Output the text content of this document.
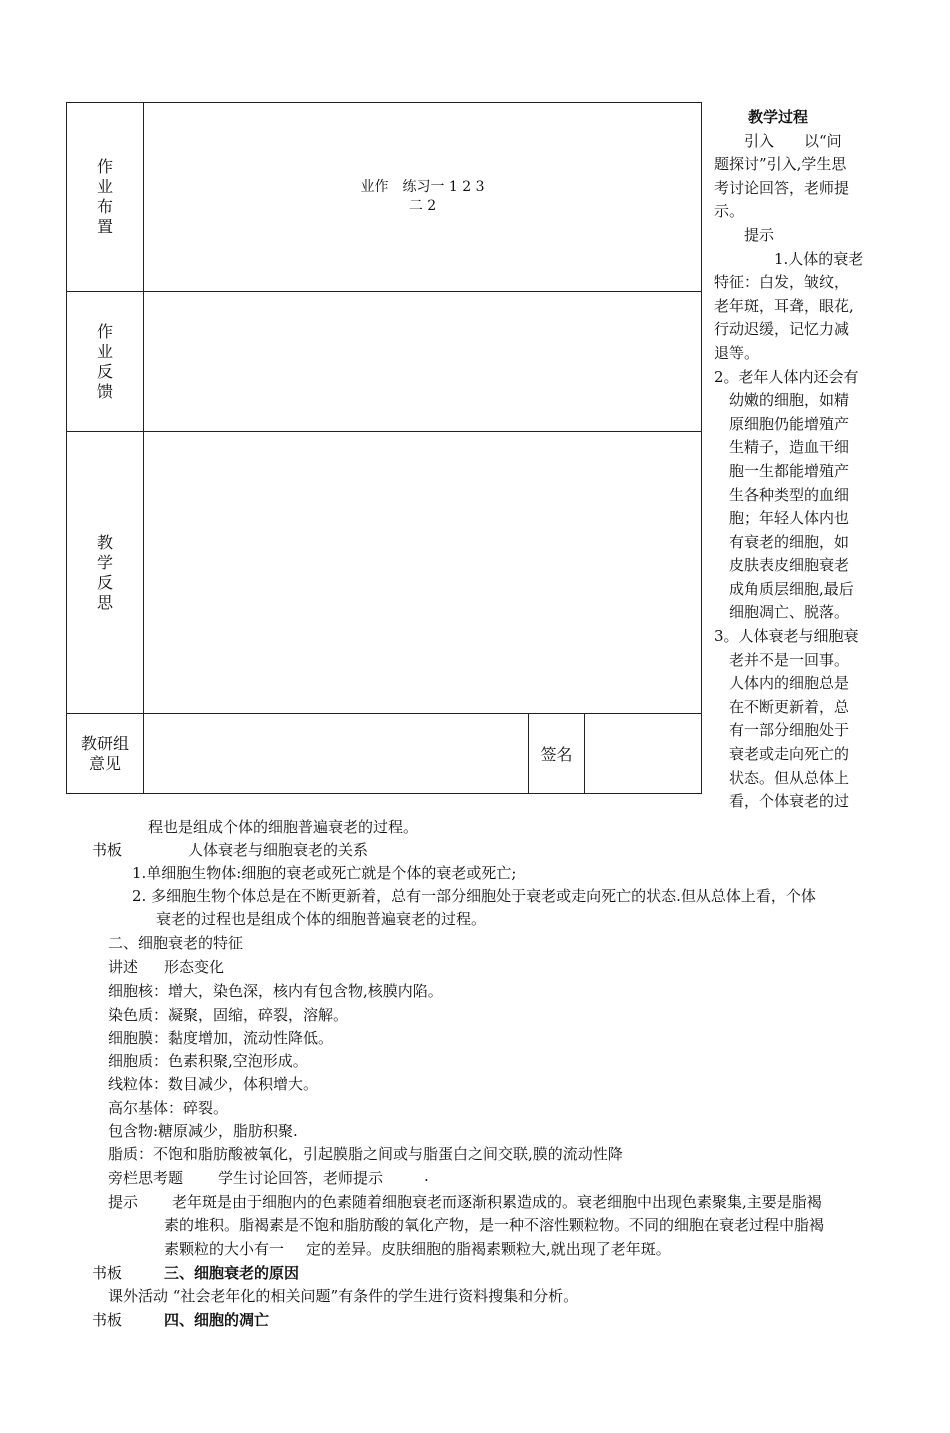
作业布置	业作　练习一 1 2 3
二 2		

作业反馈			
教学反思			

教研组
意见		签名	

教学过程

　　引入　　以“问

题探讨”引入,学生思

考讨论回答，老师提

示。

　　提示

　　　　1.人体的衰老

特征：白发，皱纹，

老年斑，耳聋，眼花,

行动迟缓，记忆力减

退等。

2。老年人体内还会有

　幼嫩的细胞，如精

　原细胞仍能增殖产

　生精子，造血干细

　胞一生都能增殖产

　生各种类型的血细

　胞；年轻人体内也

　有衰老的细胞，如

　皮肤表皮细胞衰老

　成角质层细胞,最后

　细胞凋亡、脱落。

3。人体衰老与细胞衰

　老并不是一回事。

　人体内的细胞总是

　在不断更新着，总

　有一部分细胞处于

　衰老或走向死亡的

　状态。但从总体上

　看，个体衰老的过

程也是组成个体的细胞普遍衰老的过程。
书板	人体衰老与细胞衰老的关系
1.单细胞生物体:细胞的衰老或死亡就是个体的衰老或死亡;
2. 多细胞生物个体总是在不断更新着，总有一部分细胞处于衰老或走向死亡的状态.但从总体上看，个体
衰老的过程也是组成个体的细胞普遍衰老的过程。
二、细胞衰老的特征
讲述 形态变化
细胞核：增大，染色深，核内有包含物,核膜内陷。
染色质：凝聚，固缩，碎裂，溶解。
细胞膜：黏度增加，流动性降低。
细胞质：色素积聚,空泡形成。
线粒体：数目减少，体积增大。
高尔基体：碎裂。
包含物:糖原减少，脂肪积聚.
脂质：不饱和脂肪酸被氧化，引起膜脂之间或与脂蛋白之间交联,膜的流动性降
旁栏思考题 学生讨论回答，老师提示	.
提示 老年斑是由于细胞内的色素随着细胞衰老而逐渐积累造成的。衰老细胞中出现色素聚集,主要是脂褐
素的堆积。脂褐素是不饱和脂肪酸的氧化产物，是一种不溶性颗粒物。不同的细胞在衰老过程中脂褐
素颗粒的大小有一 定的差异。皮肤细胞的脂褐素颗粒大,就出现了老年斑。
书板	三、细胞衰老的原因
课外活动 “社会老年化的相关问题”有条件的学生进行资料搜集和分析。
书板	四、细胞的凋亡
